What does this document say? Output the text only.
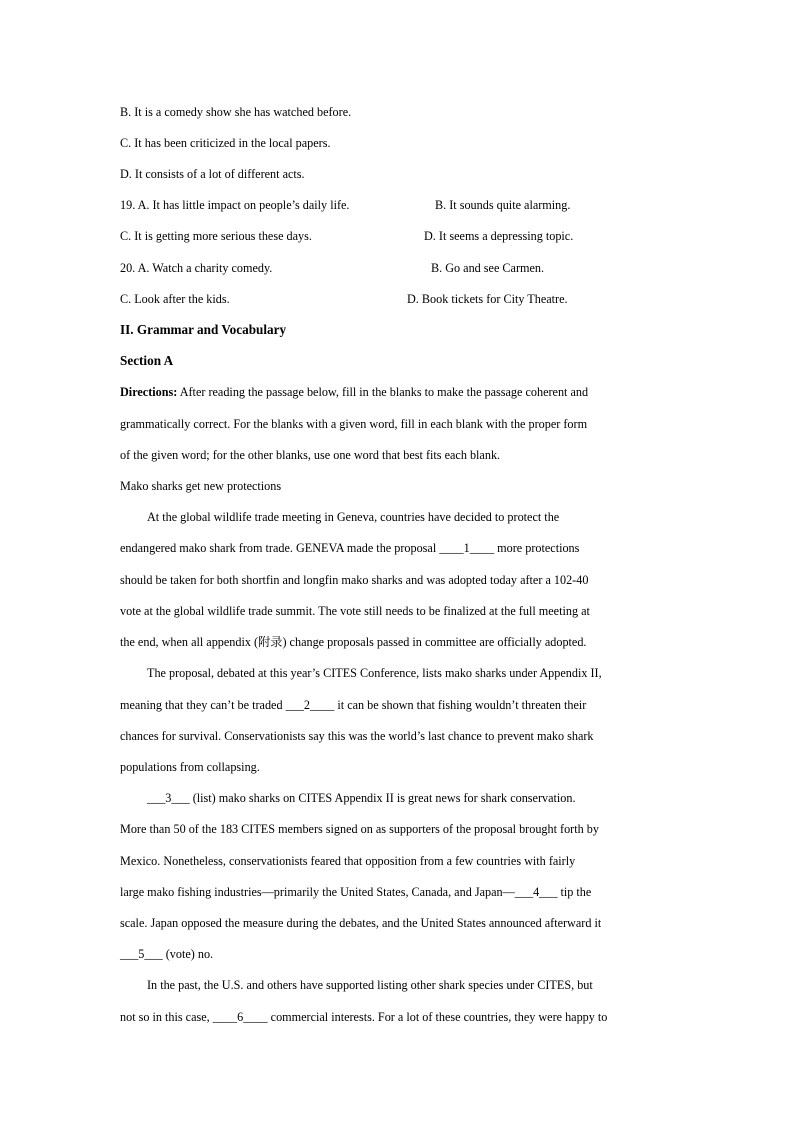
B. It is a comedy show she has watched before.
C. It has been criticized in the local papers.
D. It consists of a lot of different acts.
19. A. It has little impact on people’s daily life.	B. It sounds quite alarming.
C. It is getting more serious these days.	D. It seems a depressing topic.
20. A. Watch a charity comedy.	B. Go and see Carmen.
C. Look after the kids.	D. Book tickets for City Theatre.
II. Grammar and Vocabulary
Section A
Directions: After reading the passage below, fill in the blanks to make the passage coherent and
grammatically correct. For the blanks with a given word, fill in each blank with the proper form
of the given word; for the other blanks, use one word that best fits each blank.
Mako sharks get new protections
At the global wildlife trade meeting in Geneva, countries have decided to protect the
endangered mako shark from trade. GENEVA made the proposal ____1____ more protections
should be taken for both shortfin and longfin mako sharks and was adopted today after a 102-40
vote at the global wildlife trade summit. The vote still needs to be finalized at the full meeting at
the end, when all appendix (附录) change proposals passed in committee are officially adopted.
The proposal, debated at this year’s CITES Conference, lists mako sharks under Appendix II,
meaning that they can’t be traded ___2____ it can be shown that fishing wouldn’t threaten their
chances for survival. Conservationists say this was the world’s last chance to prevent mako shark
populations from collapsing.
___3___ (list) mako sharks on CITES Appendix II is great news for shark conservation.
More than 50 of the 183 CITES members signed on as supporters of the proposal brought forth by
Mexico. Nonetheless, conservationists feared that opposition from a few countries with fairly
large mako fishing industries—primarily the United States, Canada, and Japan—___4___ tip the
scale. Japan opposed the measure during the debates, and the United States announced afterward it
___5___ (vote) no.
In the past, the U.S. and others have supported listing other shark species under CITES, but
not so in this case, ____6____ commercial interests. For a lot of these countries, they were happy to
